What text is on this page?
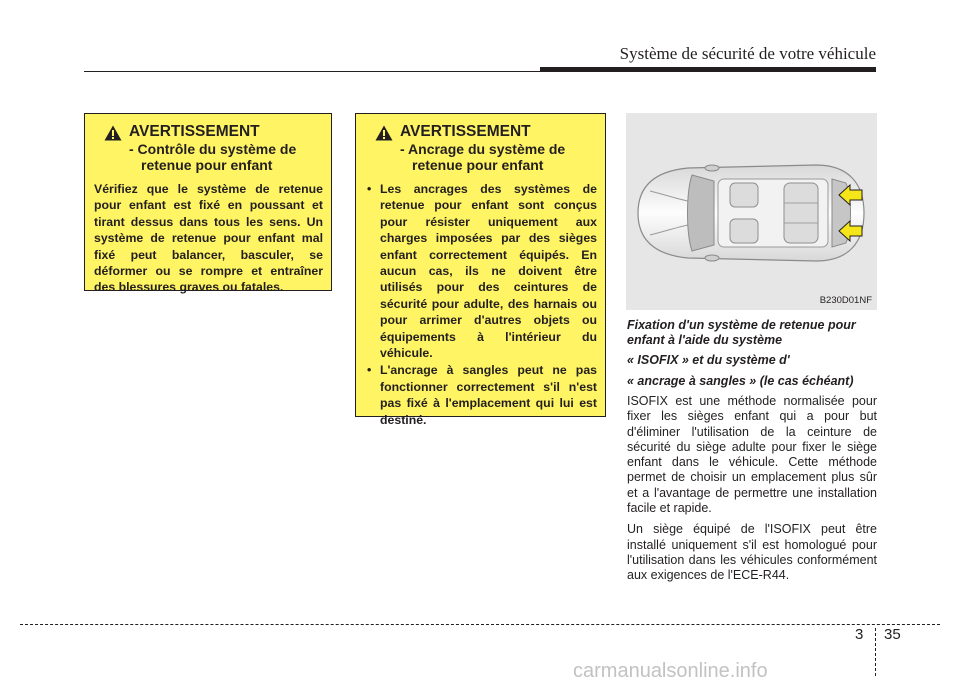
Système de sécurité de votre véhicule
AVERTISSEMENT
- Contrôle du système de retenue pour enfant
Vérifiez que le système de retenue pour enfant est fixé en poussant et tirant dessus dans tous les sens. Un système de retenue pour enfant mal fixé peut balancer, basculer, se déformer ou se rompre et entraîner des blessures graves ou fatales.
AVERTISSEMENT
- Ancrage du système de retenue pour enfant
• Les ancrages des systèmes de retenue pour enfant sont conçus pour résister uniquement aux charges imposées par des sièges enfant correctement équipés. En aucun cas, ils ne doivent être utilisés pour des ceintures de sécurité pour adulte, des harnais ou pour arrimer d'autres objets ou équipements à l'intérieur du véhicule.
• L'ancrage à sangles peut ne pas fonctionner correctement s'il n'est pas fixé à l'emplacement qui lui est destiné.
B230D01NF

Fixation d'un système de retenue pour enfant à l'aide du système

« ISOFIX » et du système d'

« ancrage à sangles » (le cas échéant)

ISOFIX est une méthode normalisée pour fixer les sièges enfant qui a pour but d'éliminer l'utilisation de la ceinture de sécurité du siège adulte pour fixer le siège enfant dans le véhicule. Cette méthode permet de choisir un emplacement plus sûr et a l'avantage de permettre une installation facile et rapide.

Un siège équipé de l'ISOFIX peut être installé uniquement s'il est homologué pour l'utilisation dans les véhicules conformément aux exigences de l'ECE-R44.

3 35
carmanualsonline.info
